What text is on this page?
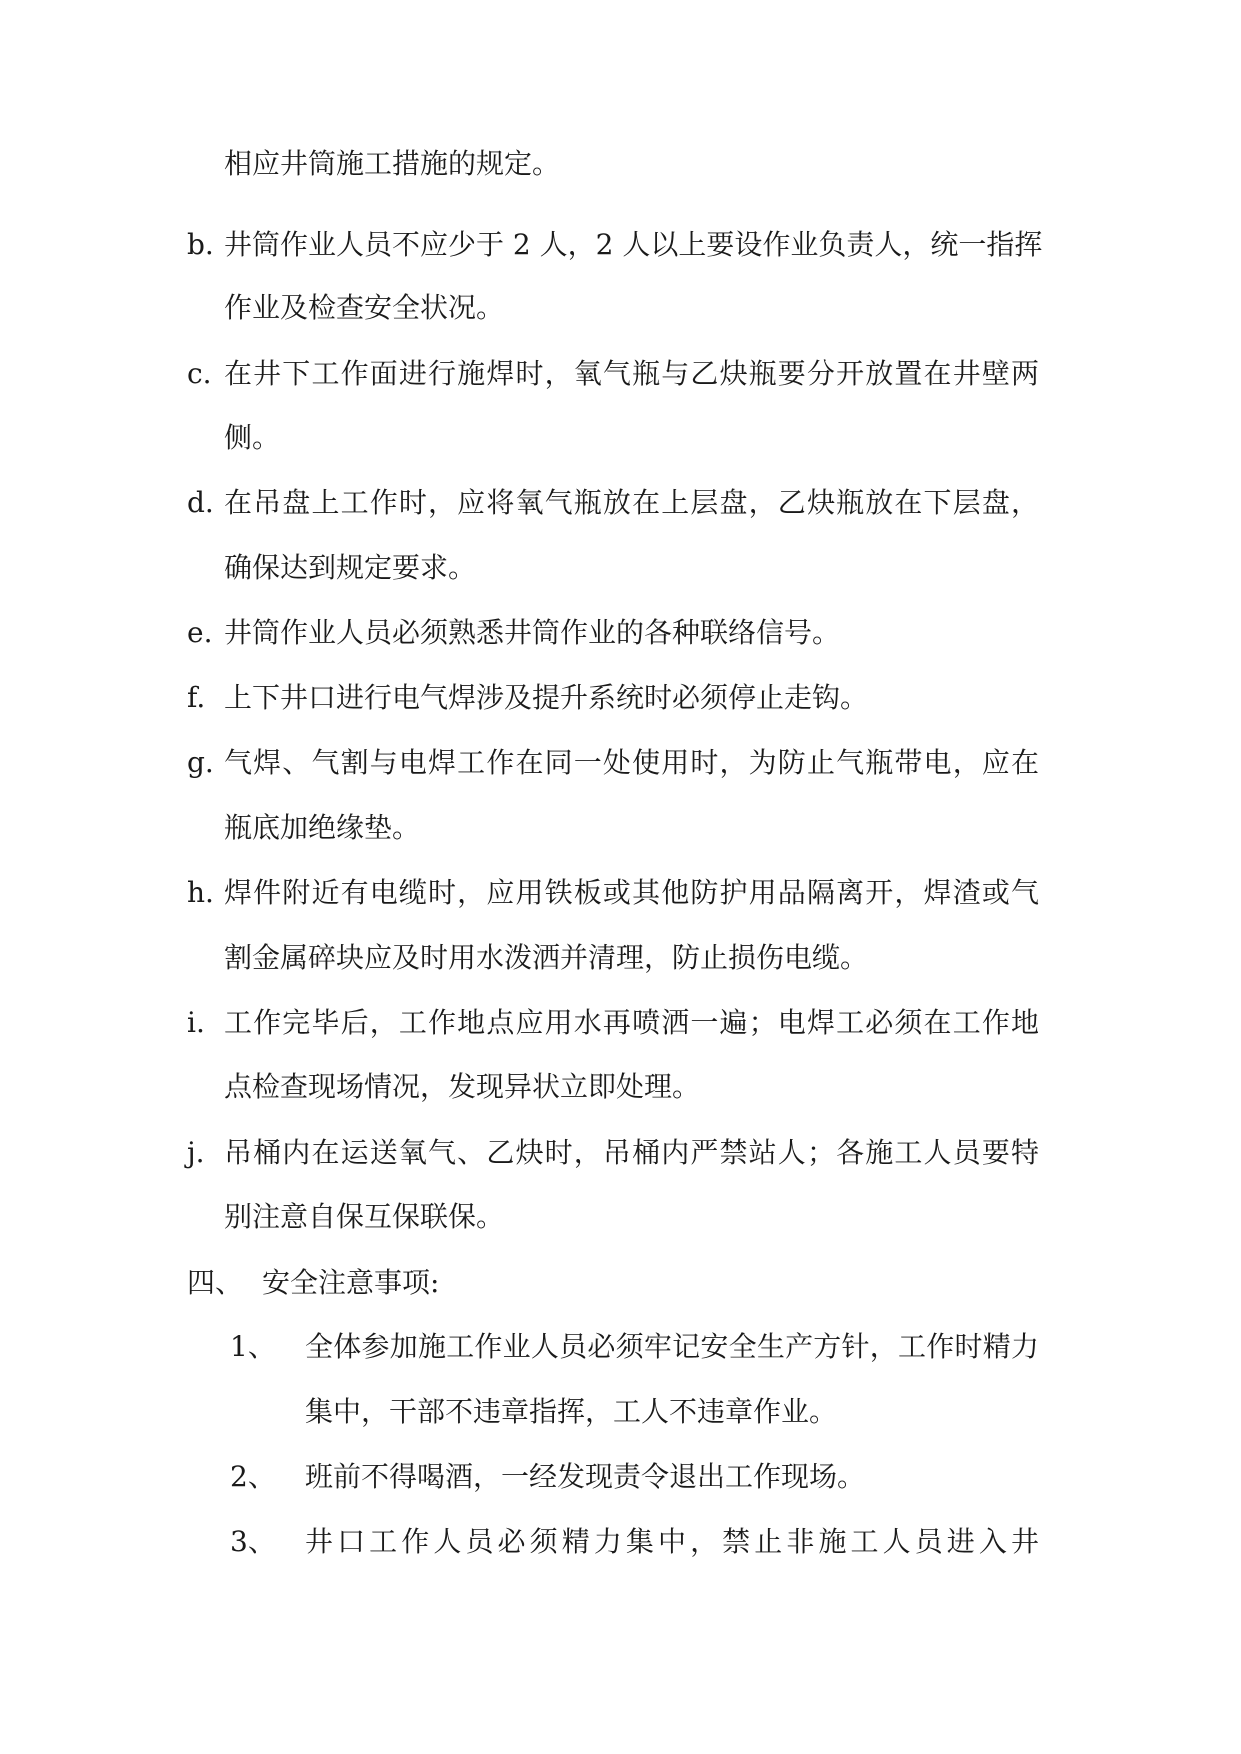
相应井筒施工措施的规定。
b. 井筒作业人员不应少于 2 人，2 人以上要设作业负责人，统一指挥
作业及检查安全状况。
c. 在井下工作面进行施焊时，氧气瓶与乙炔瓶要分开放置在井壁两
侧。
d. 在吊盘上工作时，应将氧气瓶放在上层盘，乙炔瓶放在下层盘，
确保达到规定要求。
e. 井筒作业人员必须熟悉井筒作业的各种联络信号。
f. 上下井口进行电气焊涉及提升系统时必须停止走钩。
g. 气焊、气割与电焊工作在同一处使用时，为防止气瓶带电，应在
瓶底加绝缘垫。
h. 焊件附近有电缆时，应用铁板或其他防护用品隔离开，焊渣或气
割金属碎块应及时用水泼洒并清理，防止损伤电缆。
i. 工作完毕后，工作地点应用水再喷洒一遍；电焊工必须在工作地
点检查现场情况，发现异状立即处理。
j. 吊桶内在运送氧气、乙炔时，吊桶内严禁站人；各施工人员要特
别注意自保互保联保。
四、 安全注意事项:
1、 全体参加施工作业人员必须牢记安全生产方针，工作时精力
集中，干部不违章指挥，工人不违章作业。
2、 班前不得喝酒，一经发现责令退出工作现场。
3、 井口工作人员必须精力集中，禁止非施工人员进入井
